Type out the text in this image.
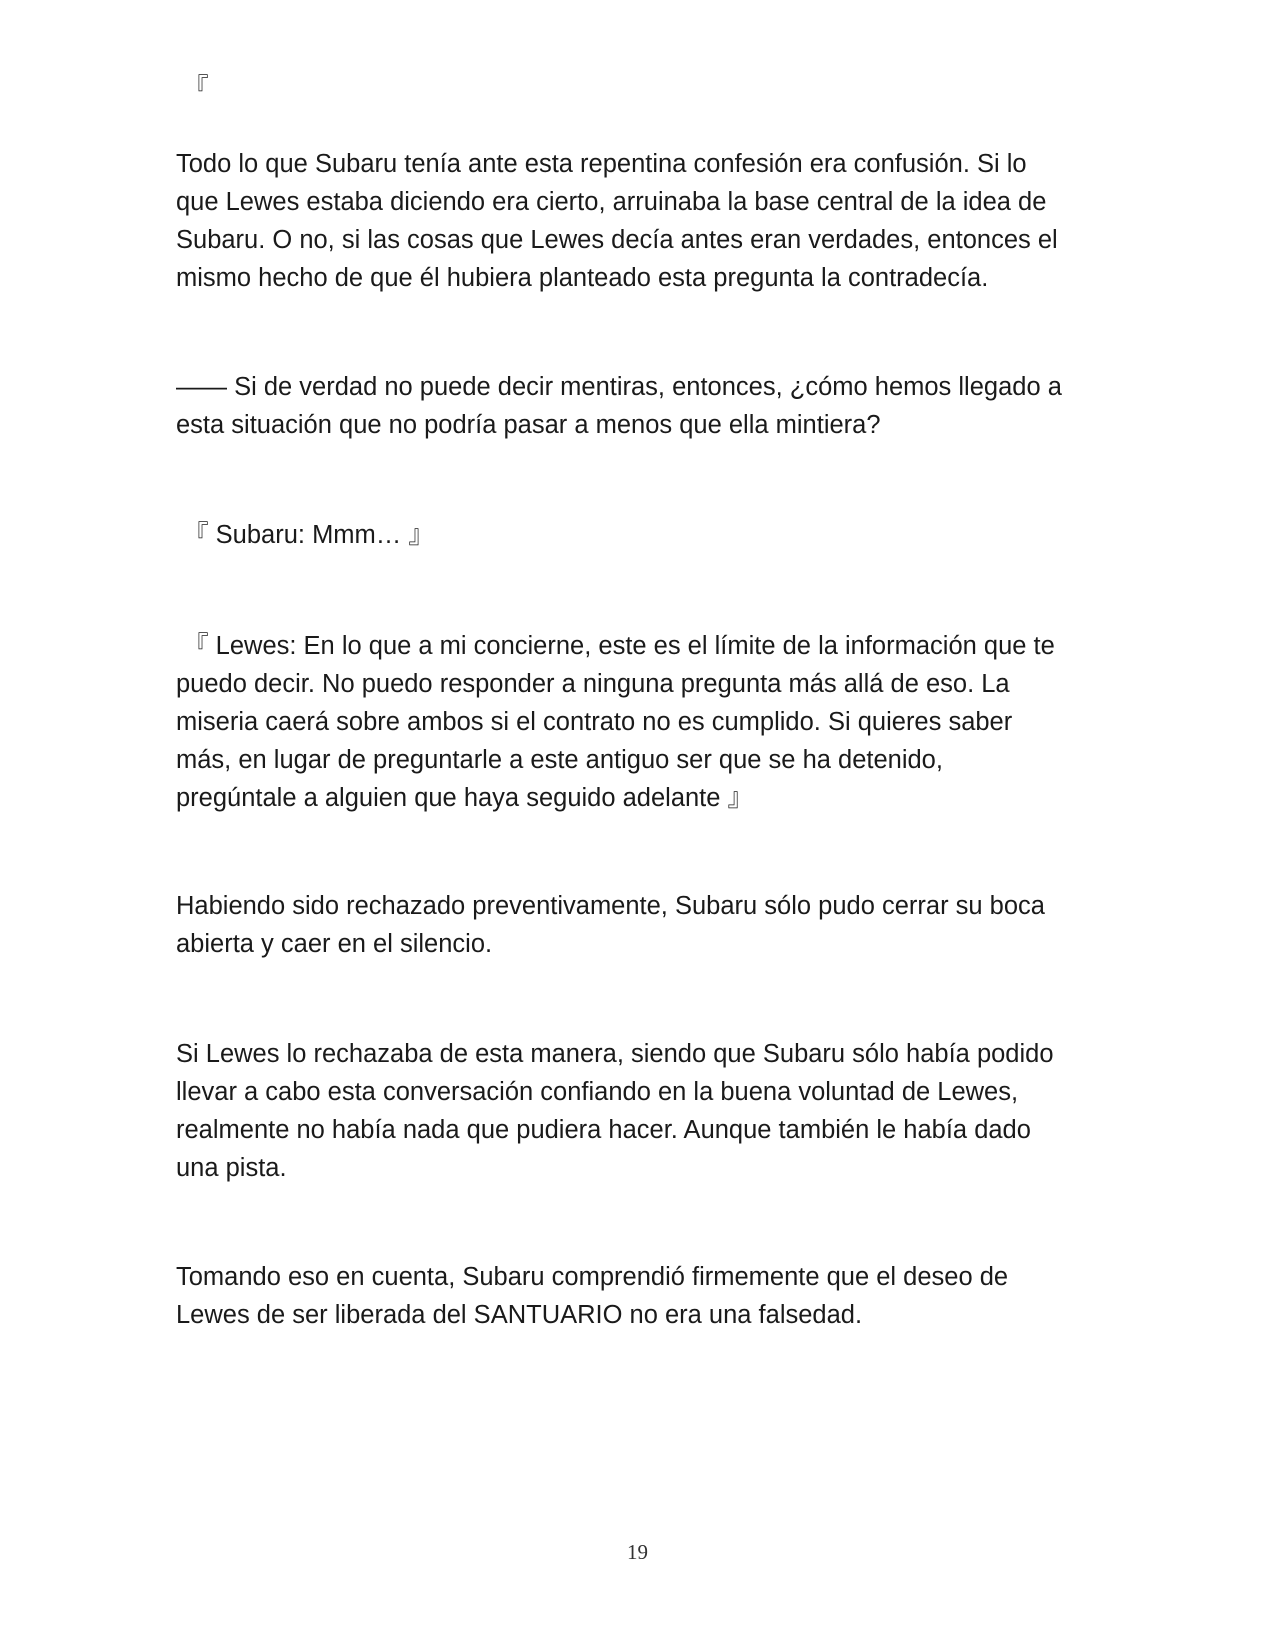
『

Todo lo que Subaru tenía ante esta repentina confesión era confusión. Si lo
que Lewes estaba diciendo era cierto, arruinaba la base central de la idea de
Subaru. O no, si las cosas que Lewes decía antes eran verdades, entonces el
mismo hecho de que él hubiera planteado esta pregunta la contradecía.

—— Si de verdad no puede decir mentiras, entonces, ¿cómo hemos llegado a
esta situación que no podría pasar a menos que ella mintiera?

『 Subaru: Mmm… 』

『 Lewes: En lo que a mi concierne, este es el límite de la información que te
puedo decir. No puedo responder a ninguna pregunta más allá de eso. La
miseria caerá sobre ambos si el contrato no es cumplido. Si quieres saber
más, en lugar de preguntarle a este antiguo ser que se ha detenido,
pregúntale a alguien que haya seguido adelante 』

Habiendo sido rechazado preventivamente, Subaru sólo pudo cerrar su boca
abierta y caer en el silencio.

Si Lewes lo rechazaba de esta manera, siendo que Subaru sólo había podido
llevar a cabo esta conversación confiando en la buena voluntad de Lewes,
realmente no había nada que pudiera hacer. Aunque también le había dado
una pista.

Tomando eso en cuenta, Subaru comprendió firmemente que el deseo de
Lewes de ser liberada del SANTUARIO no era una falsedad.

19
